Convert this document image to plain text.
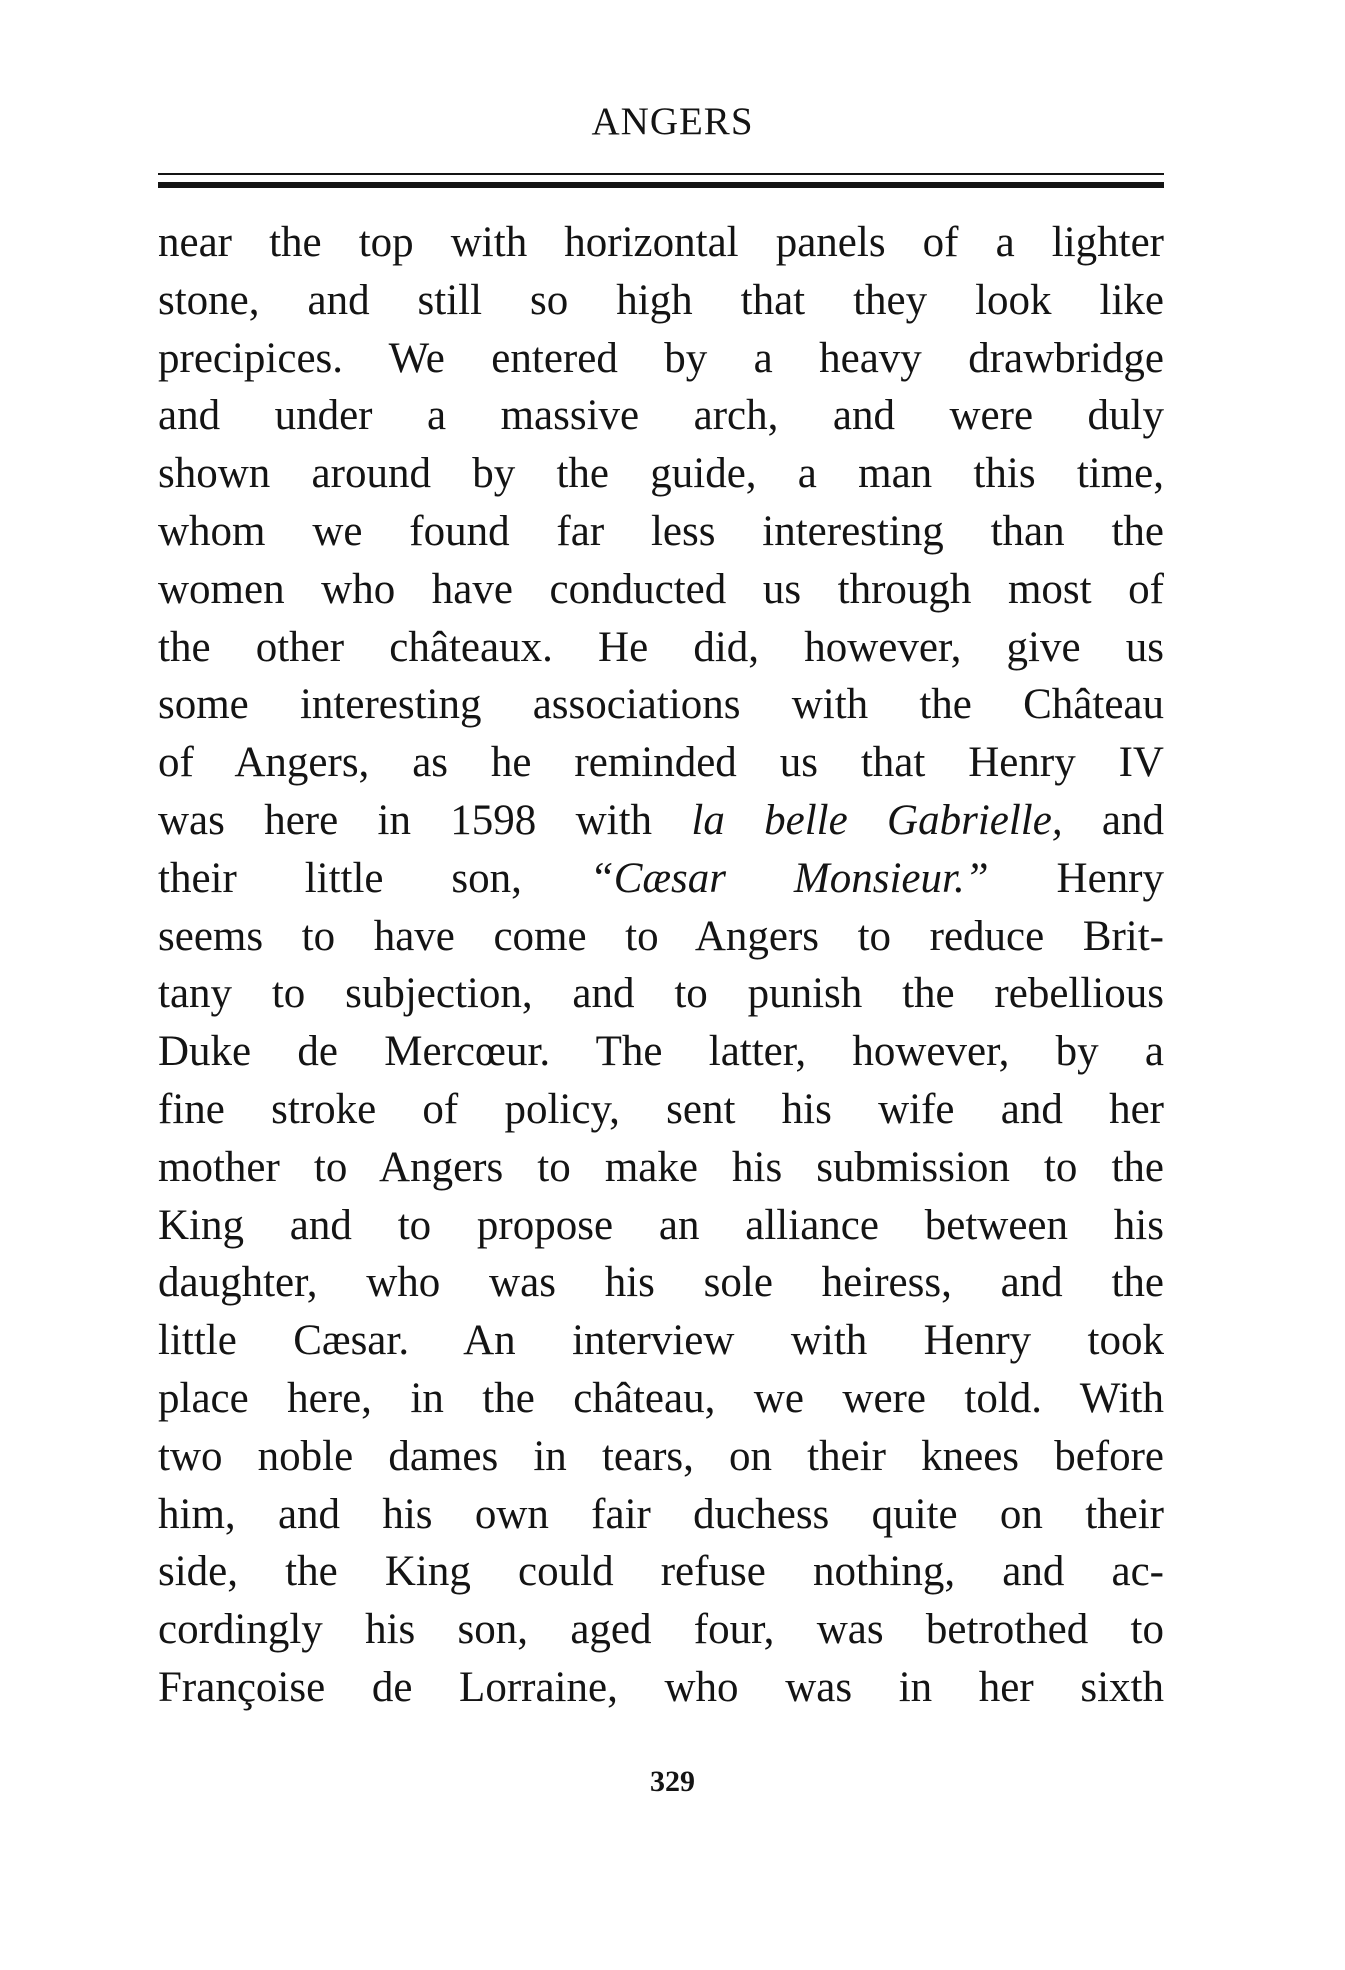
ANGERS
near the top with horizontal panels of a lighter
stone, and still so high that they look like
precipices. We entered by a heavy drawbridge
and under a massive arch, and were duly
shown around by the guide, a man this time,
whom we found far less interesting than the
women who have conducted us through most of
the other châteaux. He did, however, give us
some interesting associations with the Château
of Angers, as he reminded us that Henry IV
was here in 1598 with la belle Gabrielle, and
their little son, “Cæsar Monsieur.” Henry
seems to have come to Angers to reduce Brit-
tany to subjection, and to punish the rebellious
Duke de Mercœur. The latter, however, by a
fine stroke of policy, sent his wife and her
mother to Angers to make his submission to the
King and to propose an alliance between his
daughter, who was his sole heiress, and the
little Cæsar. An interview with Henry took
place here, in the château, we were told. With
two noble dames in tears, on their knees before
him, and his own fair duchess quite on their
side, the King could refuse nothing, and ac-
cordingly his son, aged four, was betrothed to
Françoise de Lorraine, who was in her sixth
329
